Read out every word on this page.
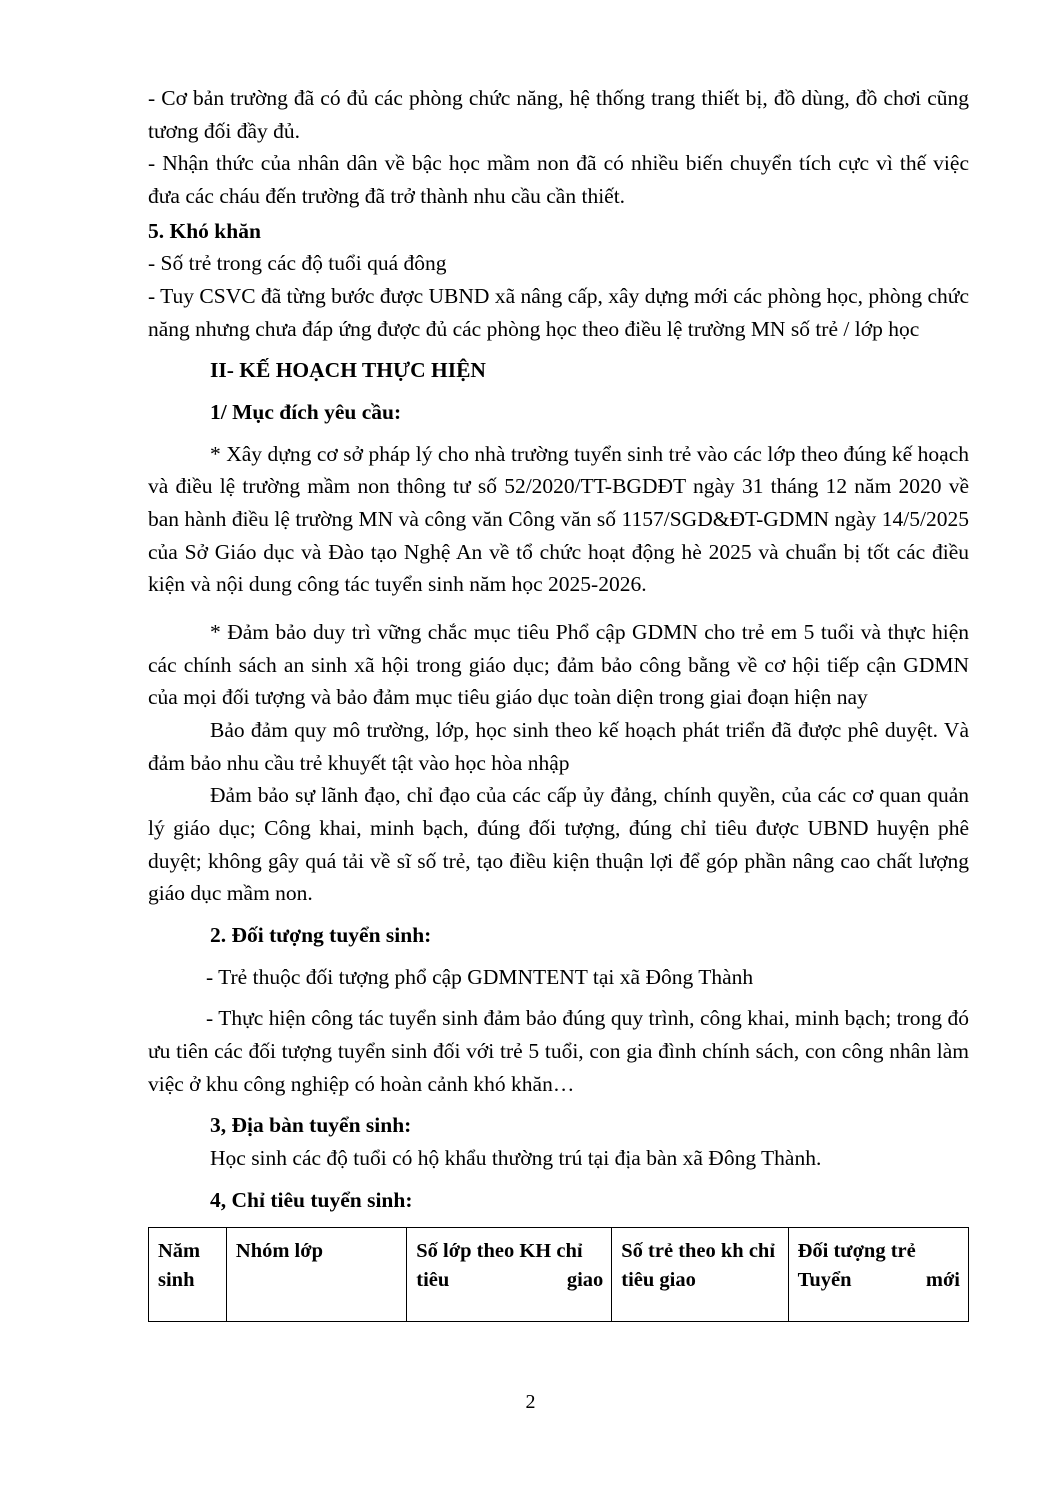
- Cơ bản trường đã có đủ các phòng chức năng, hệ thống trang thiết bị, đồ dùng, đồ chơi cũng tương đối đầy đủ.

- Nhận thức của nhân dân về bậc học mầm non đã có nhiều biến chuyển tích cực vì thế việc đưa các cháu đến trường đã trở thành nhu cầu cần thiết.

5. Khó khăn

- Số trẻ trong các độ tuổi quá đông

- Tuy CSVC đã từng bước được UBND xã nâng cấp, xây dựng mới các phòng học, phòng chức năng nhưng chưa đáp ứng được đủ các phòng học theo điều lệ trường MN số trẻ / lớp học

II- KẾ HOẠCH THỰC HIỆN

1/ Mục đích yêu cầu:

* Xây dựng cơ sở pháp lý cho nhà trường tuyển sinh trẻ vào các lớp theo đúng kế hoạch và điều lệ trường mầm non thông tư số 52/2020/TT-BGDĐT ngày 31 tháng 12 năm 2020 về ban hành điều lệ trường MN và công văn Công văn số 1157/SGD&ĐT-GDMN ngày 14/5/2025 của Sở Giáo dục và Đào tạo Nghệ An về tổ chức hoạt động hè 2025 và chuẩn bị tốt các điều kiện và nội dung công tác tuyển sinh năm học 2025-2026.

* Đảm bảo duy trì vững chắc mục tiêu Phổ cập GDMN cho trẻ em 5 tuổi và thực hiện các chính sách an sinh xã hội trong giáo dục; đảm bảo công bằng về cơ hội tiếp cận GDMN của mọi đối tượng và bảo đảm mục tiêu giáo dục toàn diện trong giai đoạn hiện nay

Bảo đảm quy mô trường, lớp, học sinh theo kế hoạch phát triển đã được phê duyệt. Và đảm bảo nhu cầu trẻ khuyết tật vào học hòa nhập

Đảm bảo sự lãnh đạo, chỉ đạo của các cấp ủy đảng, chính quyền, của các cơ quan quản lý giáo dục; Công khai, minh bạch, đúng đối tượng, đúng chỉ tiêu được UBND huyện phê duyệt; không gây quá tải về sĩ số trẻ, tạo điều kiện thuận lợi để góp phần nâng cao chất lượng giáo dục mầm non.

2. Đối tượng tuyển sinh:

- Trẻ thuộc đối tượng phổ cập GDMNTENT tại xã Đông Thành

- Thực hiện công tác tuyển sinh đảm bảo đúng quy trình, công khai, minh bạch; trong đó ưu tiên các đối tượng tuyển sinh đối với trẻ 5 tuổi, con gia đình chính sách, con công nhân làm việc ở khu công nghiệp có hoàn cảnh khó khăn…

3, Địa bàn tuyển sinh:

Học sinh các độ tuổi có hộ khẩu thường trú tại địa bàn xã Đông Thành.

4, Chỉ tiêu tuyển sinh:

Năm sinh	Nhóm lớp	Số lớp theo KH chỉ tiêu giao	Số trẻ theo kh chỉ tiêu giao	Đối tượng trẻ Tuyển mới
2
